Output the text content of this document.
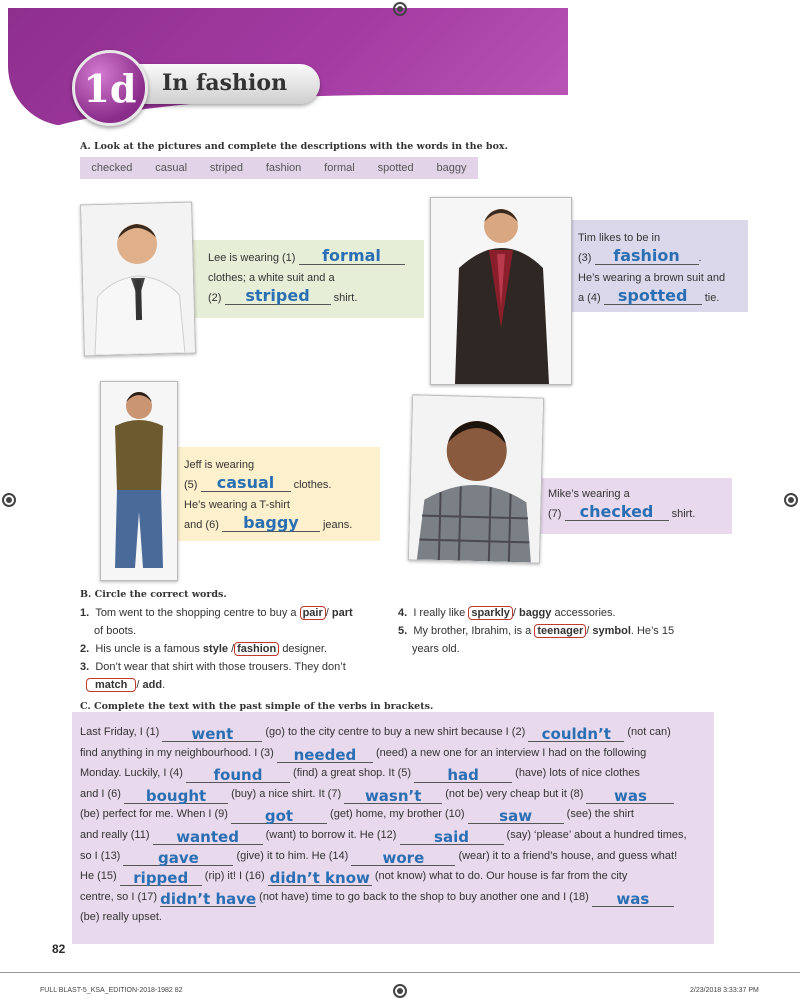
1d	In fashion
A. Look at the pictures and complete the descriptions with the words in the box.
checked casual striped fashion formal spotted baggy
Lee is wearing (1) formal
clothes; a white suit and a
(2) striped shirt.
Tim likes to be in
(3) fashion .
He’s wearing a brown suit and
a (4) spotted tie.
Jeff is wearing
(5) casual clothes.
He’s wearing a T-shirt
and (6) baggy jeans.
Mike’s wearing a
(7) checked shirt.
B. Circle the correct words.
1. Tom went to the shopping centre to buy a pair / part
of boots.
2. His uncle is a famous style / fashion designer.
3. Don’t wear that shirt with those trousers. They don’t
match / add.
4. I really like sparkly / baggy accessories.
5. My brother, Ibrahim, is a teenager / symbol. He’s 15
years old.
C. Complete the text with the past simple of the verbs in brackets.
Last Friday, I (1) went	(go) to the city centre to buy a new shirt because I (2) couldn’t (not can)
find anything in my neighbourhood. I (3) needed (need) a new one for an interview I had on the following
Monday. Luckily, I (4) found	(find) a great shop. It (5) had	(have) lots of nice clothes
and I (6) bought (buy) a nice shirt. It (7) wasn’t (not be) very cheap but it (8) was
(be) perfect for me. When I (9) got	(get) home, my brother (10) saw	(see) the shirt
and really (11) wanted (want) to borrow it. He (12) said	(say) ‘please’ about a hundred times,
so I (13) gave	(give) it to him. He (14) wore	(wear) it to a friend’s house, and guess what!
He (15) ripped (rip) it! I (16) didn’t know (not know) what to do. Our house is far from the city
centre, so I (17) didn’t have (not have) time to go back to the shop to buy another one and I (18) was
(be) really upset.
82
FULL BLAST-5_KSA_EDITION-2018-1982 82	2/23/2018 3:33:37 PM
